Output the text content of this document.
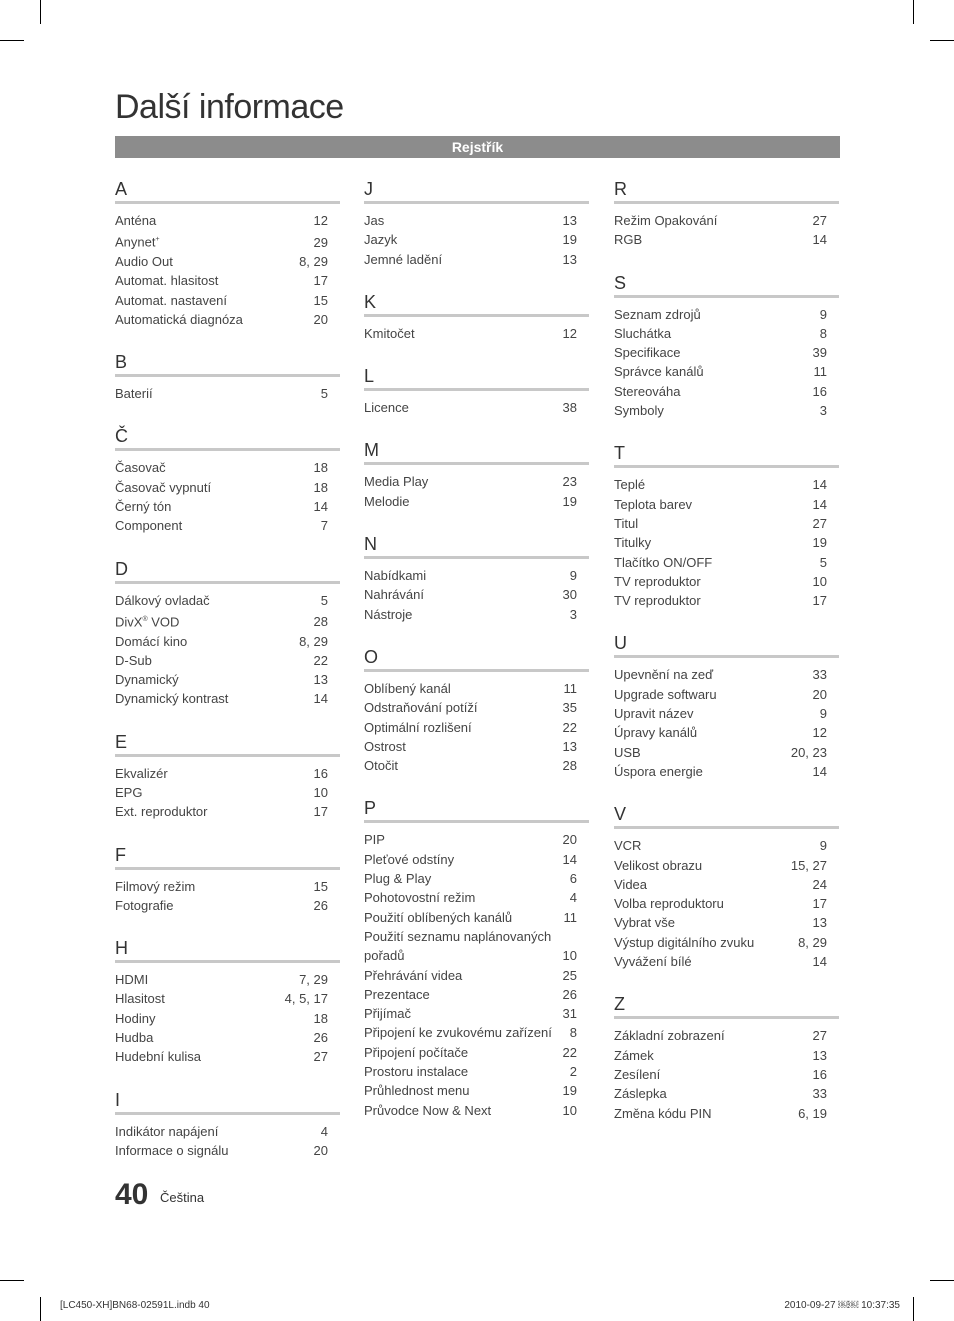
Další informace
Rejstřík
A
Anténa	12
Anynet+	29
Audio Out	8, 29
Automat. hlasitost	17
Automat. nastavení	15
Automatická diagnóza	20
B
Baterií	5
Č
Časovač	18
Časovač vypnutí	18
Černý tón	14
Component	7
D
Dálkový ovladač	5
DivX® VOD	28
Domácí kino	8, 29
D-Sub	22
Dynamický	13
Dynamický kontrast	14
E
Ekvalizér	16
EPG	10
Ext. reproduktor	17
F
Filmový režim	15
Fotografie	26
H
HDMI	7, 29
Hlasitost	4, 5, 17
Hodiny	18
Hudba	26
Hudební kulisa	27
I
Indikátor napájení	4
Informace o signálu	20
J
Jas	13
Jazyk	19
Jemné ladění	13
K
Kmitočet	12
L
Licence	38
M
Media Play	23
Melodie	19
N
Nabídkami	9
Nahrávání	30
Nástroje	3
O
Oblíbený kanál	11
Odstraňování potíží	35
Optimální rozlišení	22
Ostrost	13
Otočit	28
P
PIP	20
Pleťové odstíny	14
Plug & Play	6
Pohotovostní režim	4
Použití oblíbených kanálů	11
Použití seznamu naplánovaných pořadů	10
Přehrávání videa	25
Prezentace	26
Přijímač	31
Připojení ke zvukovému zařízení 8
Připojení počítače	22
Prostoru instalace	2
Průhlednost menu	19
Průvodce Now & Next	10
R
Režim Opakování	27
RGB	14
S
Seznam zdrojů	9
Sluchátka	8
Specifikace	39
Správce kanálů	11
Stereováha	16
Symboly	3
T
Teplé	14
Teplota barev	14
Titul	27
Titulky	19
Tlačítko ON/OFF	5
TV reproduktor	10
TV reproduktor	17
U
Upevnění na zeď	33
Upgrade softwaru	20
Upravit název	9
Úpravy kanálů	12
USB	20, 23
Úspora energie	14
V
VCR	9
Velikost obrazu	15, 27
Videa	24
Volba reproduktoru	17
Vybrat vše	13
Výstup digitálního zvuku	8, 29
Vyvážení bílé	14
Z
Základní zobrazení	27
Zámek	13
Zesílení	16
Záslepka	33
Změna kódu PIN	6, 19
40 Čeština
[LC450-XH]BN68-02591L.indb 40	2010-09-27 ￼￼ 10:37:35
